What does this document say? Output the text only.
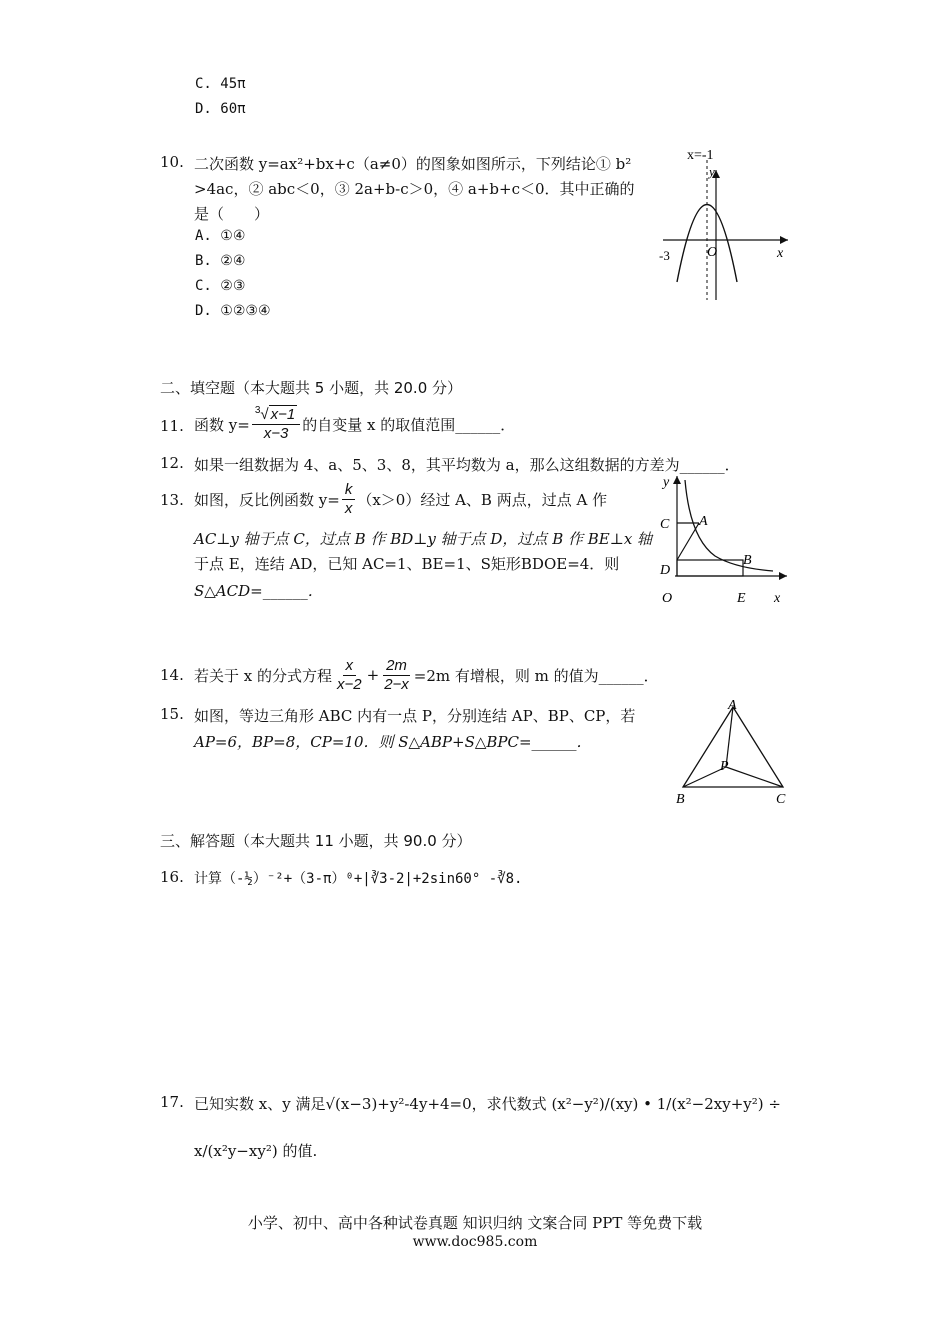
C. 45π
D. 60π
10. 二次函数 y=ax²+bx+c（a≠0）的图象如图所示，下列结论① b²
>4ac，② abc＜0，③ 2a+b-c＞0，④ a+b+c＜0．其中正确的
是（　　）
A. ①④
B. ②④
C. ②③
D. ①②③④
x=-1
y
x
O
-3
二、填空题（本大题共 5 小题，共 20.0 分）
11. 函数 $y= \frac{^3√ x-1}{x-3}$ 的自变量 x 的取值范围______．
12. 如果一组数据为 4、a、5、3、8，其平均数为 a，那么这组数据的方差为______．
13. 如图，反比例函数 $y= \frac{k}{x} (x>0)$经过 A、B 两点，过点 A 作
AC⊥y 轴于点 C，过点 B 作 BD⊥y 轴于点 D，过点 B 作 BE⊥x 轴
于点 E，连结 AD，已知 AC=1、BE=1、S矩形BDOE=4．则
S△ACD=______．
y
x
C A
D
B
O	E
14. 若关于 x 的分式方程 $\frac{x}{x-2} + \frac{2m}{2-x} =2m$ 有增根，则 m 的值为______．
15. 如图，等边三角形 ABC 内有一点 P，分别连结 AP、BP、CP，若
AP=6，BP=8，CP=10．则 S△ABP+S△BPC=______．
A
B	C
P
三、解答题（本大题共 11 小题，共 90.0 分）
16. 计算（-½）⁻²+（3-π）⁰+|∛3-2|+2sin60° -∛8.
17. 已知实数 x、y 满足√(x−3)+y²-4y+4=0，求代数式 (x²−y²)/(xy) • 1/(x²−2xy+y²) ÷
x/(x²y−xy²) 的值.
小学、初中、高中各种试卷真题 知识归纳 文案合同 PPT 等免费下载
www.doc985.com
